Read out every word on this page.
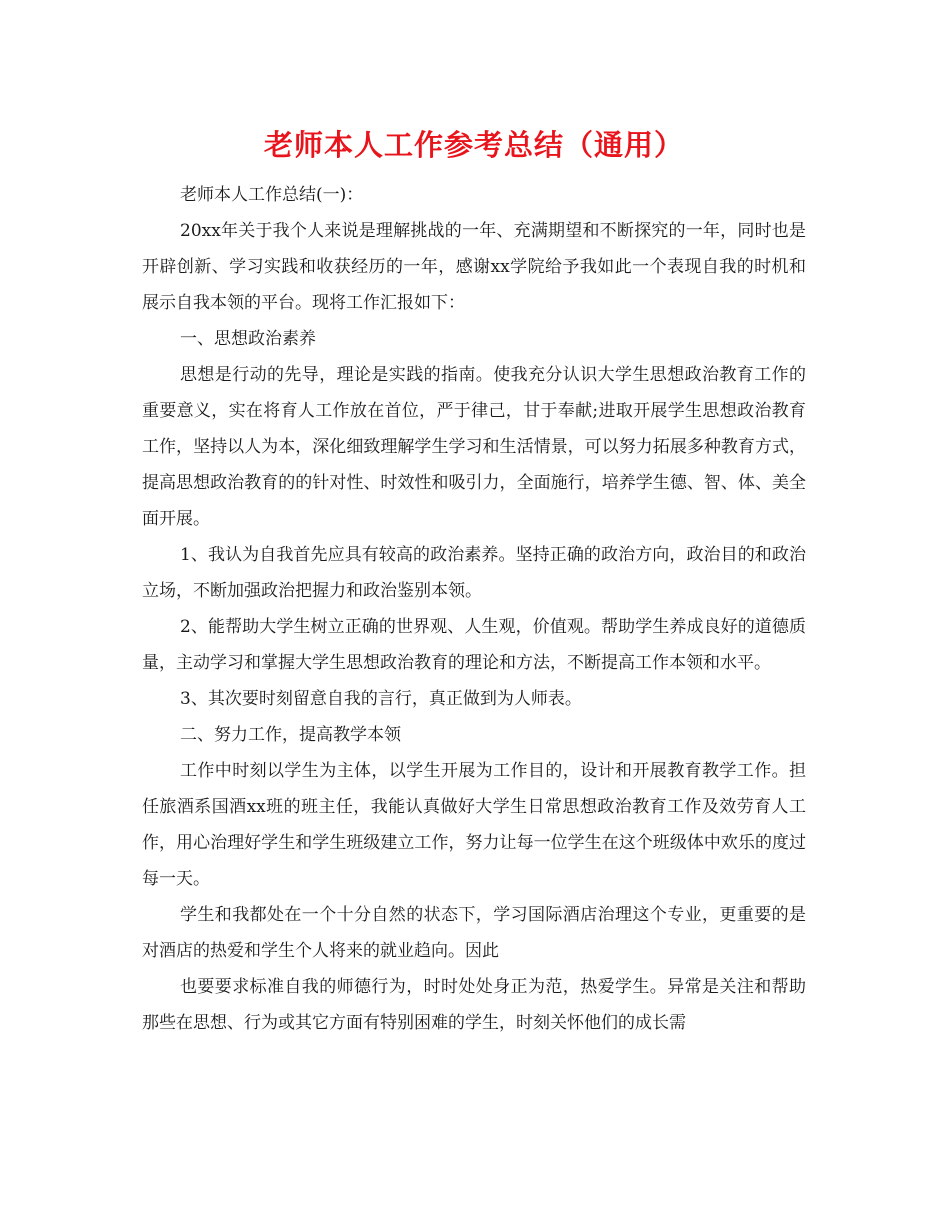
老师本人工作参考总结（通用）

老师本人工作总结(一)：

20xx年关于我个人来说是理解挑战的一年、充满期望和不断探究的一年，同时也是开辟创新、学习实践和收获经历的一年，感谢xx学院给予我如此一个表现自我的时机和展示自我本领的平台。现将工作汇报如下：

一、思想政治素养

思想是行动的先导，理论是实践的指南。使我充分认识大学生思想政治教育工作的重要意义，实在将育人工作放在首位，严于律己，甘于奉献;进取开展学生思想政治教育工作，坚持以人为本，深化细致理解学生学习和生活情景，可以努力拓展多种教育方式，提高思想政治教育的的针对性、时效性和吸引力，全面施行，培养学生德、智、体、美全面开展。

1、我认为自我首先应具有较高的政治素养。坚持正确的政治方向，政治目的和政治立场，不断加强政治把握力和政治鉴别本领。

2、能帮助大学生树立正确的世界观、人生观，价值观。帮助学生养成良好的道德质量，主动学习和掌握大学生思想政治教育的理论和方法，不断提高工作本领和水平。

3、其次要时刻留意自我的言行，真正做到为人师表。

二、努力工作，提高教学本领

工作中时刻以学生为主体，以学生开展为工作目的，设计和开展教育教学工作。担任旅酒系国酒xx班的班主任，我能认真做好大学生日常思想政治教育工作及效劳育人工作，用心治理好学生和学生班级建立工作，努力让每一位学生在这个班级体中欢乐的度过每一天。

学生和我都处在一个十分自然的状态下，学习国际酒店治理这个专业，更重要的是对酒店的热爱和学生个人将来的就业趋向。因此

也要要求标准自我的师德行为，时时处处身正为范，热爱学生。异常是关注和帮助那些在思想、行为或其它方面有特别困难的学生，时刻关怀他们的成长需
